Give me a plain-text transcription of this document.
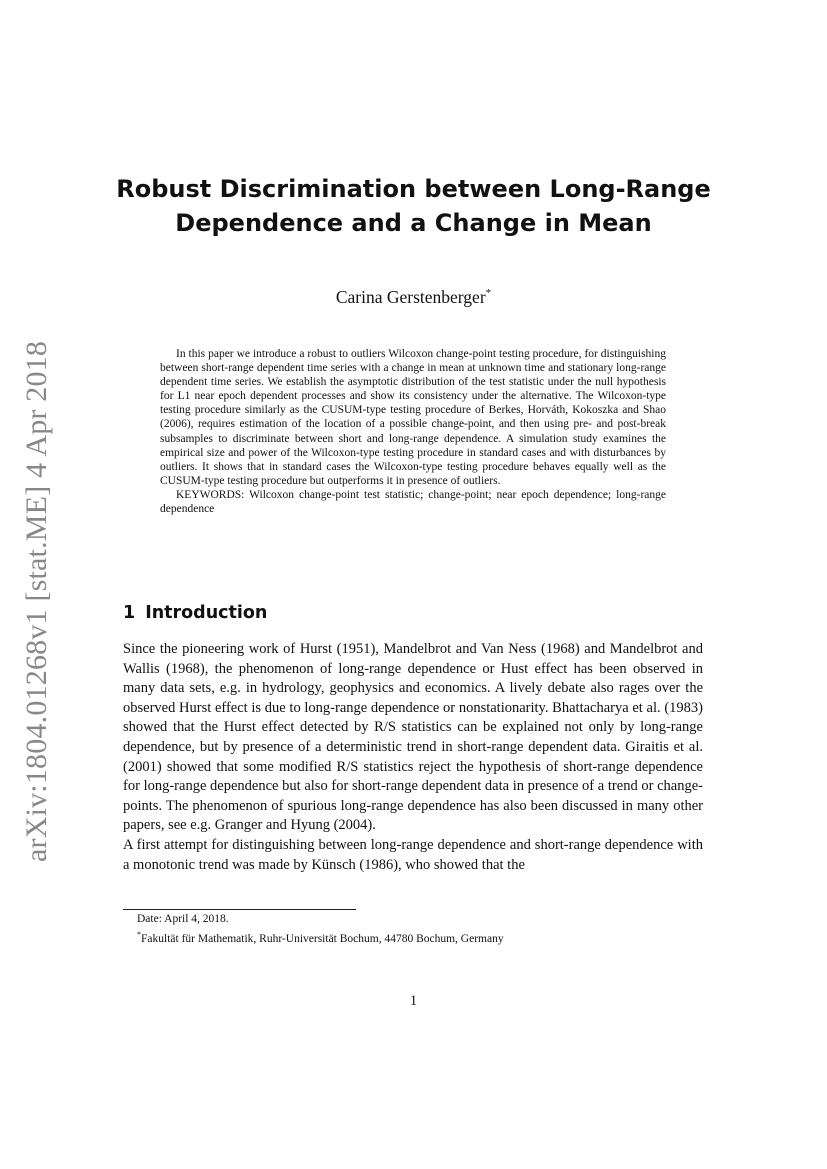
arXiv:1804.01268v1 [stat.ME] 4 Apr 2018
Robust Discrimination between Long-Range
Dependence and a Change in Mean
Carina Gerstenberger*

In this paper we introduce a robust to outliers Wilcoxon change-point testing procedure, for distinguishing between short-range dependent time series with a change in mean at unknown time and stationary long-range dependent time series. We establish the asymptotic distribution of the test statistic under the null hypothesis for L1 near epoch dependent processes and show its consistency under the alternative. The Wilcoxon-type testing procedure similarly as the CUSUM-type testing procedure of Berkes, Horváth, Kokoszka and Shao (2006), requires estimation of the location of a possible change-point, and then using pre- and post-break subsamples to discriminate between short and long-range dependence. A simulation study examines the empirical size and power of the Wilcoxon-type testing procedure in standard cases and with disturbances by outliers. It shows that in standard cases the Wilcoxon-type testing procedure behaves equally well as the CUSUM-type testing procedure but outperforms it in presence of outliers.

KEYWORDS: Wilcoxon change-point test statistic; change-point; near epoch dependence; long-range dependence

1 Introduction

Since the pioneering work of Hurst (1951), Mandelbrot and Van Ness (1968) and Mandelbrot and Wallis (1968), the phenomenon of long-range dependence or Hust effect has been observed in many data sets, e.g. in hydrology, geophysics and economics. A lively debate also rages over the observed Hurst effect is due to long-range dependence or nonstationarity. Bhattacharya et al. (1983) showed that the Hurst effect detected by R/S statistics can be explained not only by long-range dependence, but by presence of a deterministic trend in short-range dependent data. Giraitis et al. (2001) showed that some modified R/S statistics reject the hypothesis of short-range dependence for long-range dependence but also for short-range dependent data in presence of a trend or change-points. The phenomenon of spurious long-range dependence has also been discussed in many other papers, see e.g. Granger and Hyung (2004).

A first attempt for distinguishing between long-range dependence and short-range dependence with a monotonic trend was made by Künsch (1986), who showed that the

Date: April 4, 2018.

*Fakultät für Mathematik, Ruhr-Universität Bochum, 44780 Bochum, Germany

1
